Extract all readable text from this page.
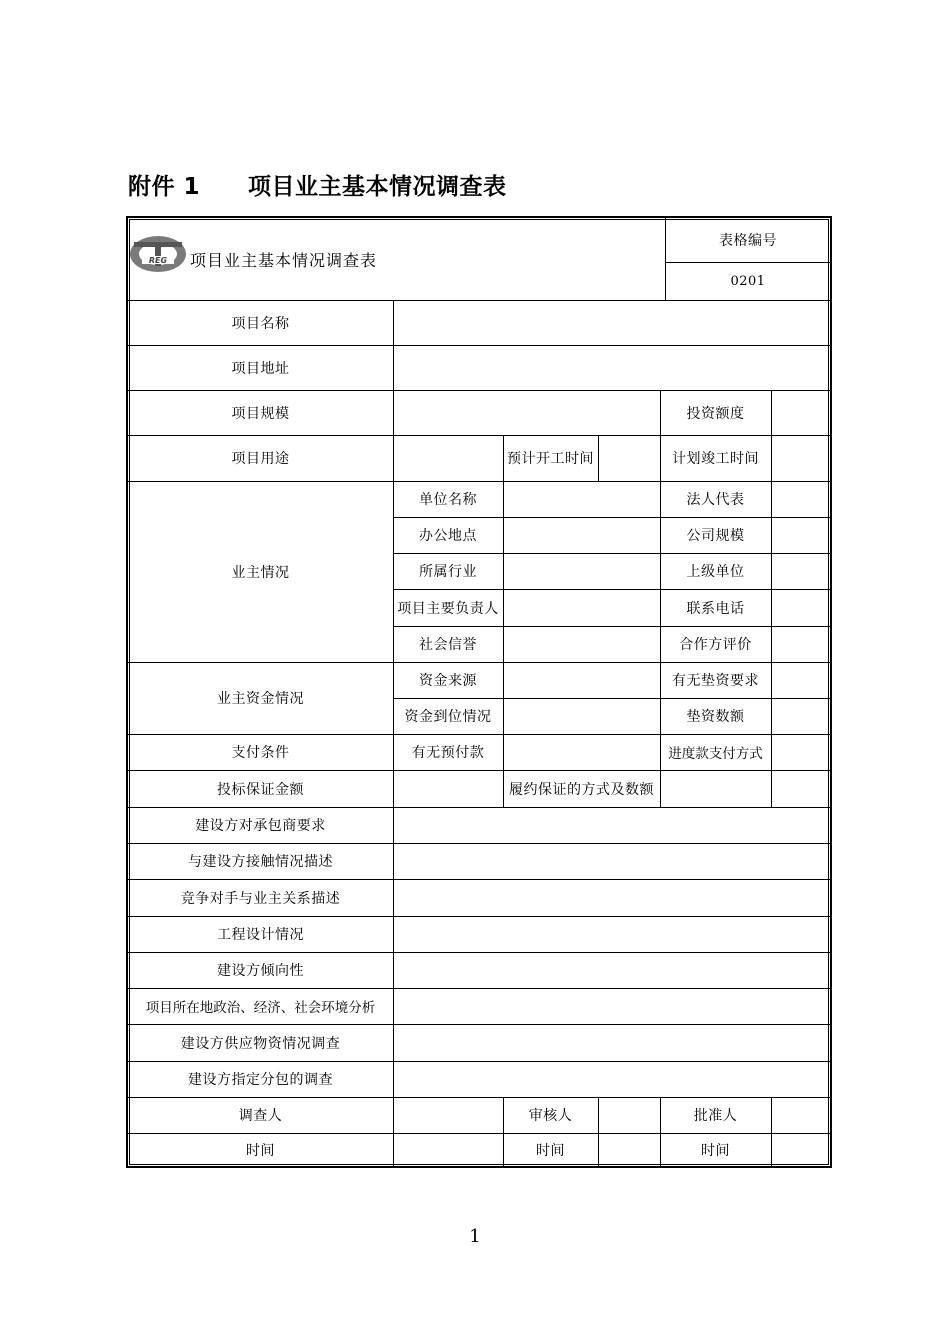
附件 1	项目业主基本情况调查表
REG 项目业主基本情况调查表
表格编号
0201
项目名称
项目地址
项目规模	投资额度
项目用途	预计开工时间	计划竣工时间
业主情况
单位名称	法人代表
办公地点	公司规模
所属行业	上级单位
项目主要负责人	联系电话
社会信誉	合作方评价
业主资金情况
资金来源	有无垫资要求
资金到位情况	垫资数额
支付条件	有无预付款	进度款支付方式
投标保证金额	履约保证的方式及数额
建设方对承包商要求
与建设方接触情况描述
竞争对手与业主关系描述
工程设计情况
建设方倾向性
项目所在地政治、经济、社会环境分析
建设方供应物资情况调查
建设方指定分包的调查
调查人	审核人	批准人
时间	时间	时间
1
